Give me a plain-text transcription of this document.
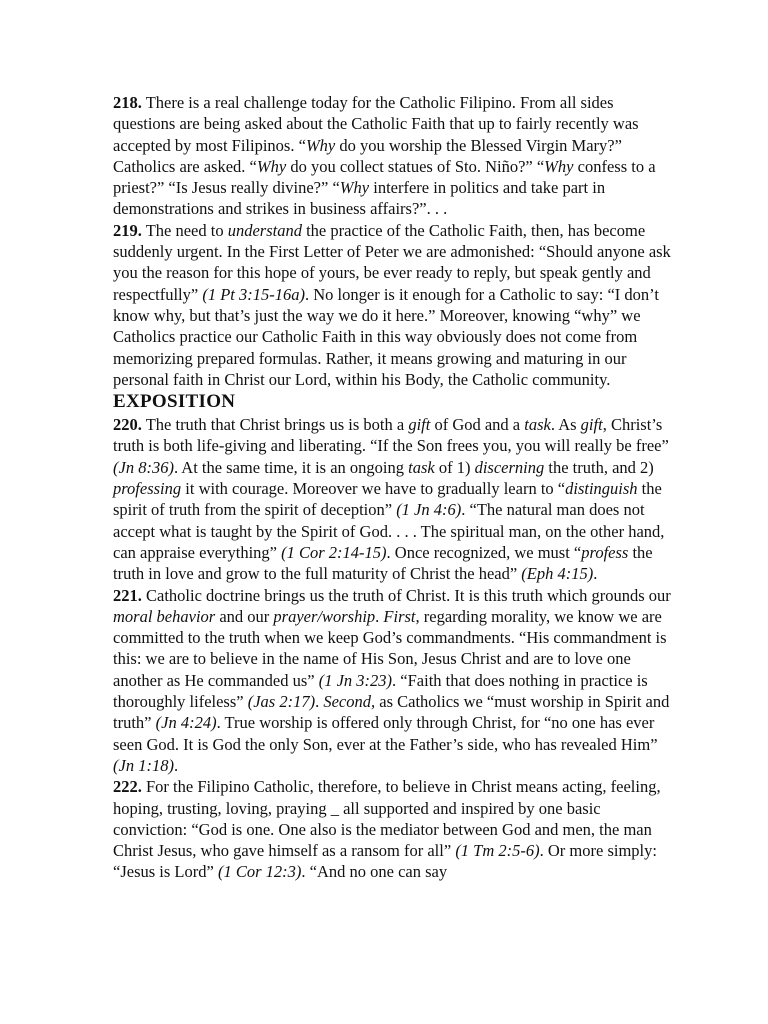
218. There is a real challenge today for the Catholic Filipino. From all sides questions are being asked about the Catholic Faith that up to fairly recently was accepted by most Filipinos. “Why do you worship the Blessed Virgin Mary?” Catholics are asked. “Why do you collect statues of Sto. Niño?” “Why confess to a priest?” “Is Jesus really divine?” “Why interfere in politics and take part in demonstrations and strikes in business affairs?”. . .

219. The need to understand the practice of the Catholic Faith, then, has become suddenly urgent. In the First Letter of Peter we are admonished: “Should anyone ask you the reason for this hope of yours, be ever ready to reply, but speak gently and respectfully” (1 Pt 3:15-16a). No longer is it enough for a Catholic to say: “I don’t know why, but that’s just the way we do it here.” Moreover, knowing “why” we Catholics practice our Catholic Faith in this way obviously does not come from memorizing prepared formulas. Rather, it means growing and maturing in our personal faith in Christ our Lord, within his Body, the Catholic community.

EXPOSITION

220. The truth that Christ brings us is both a gift of God and a task. As gift, Christ’s truth is both life-giving and liberating. “If the Son frees you, you will really be free” (Jn 8:36). At the same time, it is an ongoing task of 1) discerning the truth, and 2) professing it with courage. Moreover we have to gradually learn to “distinguish the spirit of truth from the spirit of deception” (1 Jn 4:6). “The natural man does not accept what is taught by the Spirit of God. . . . The spiritual man, on the other hand, can appraise everything” (1 Cor 2:14-15). Once recognized, we must “profess the truth in love and grow to the full maturity of Christ the head” (Eph 4:15).

221. Catholic doctrine brings us the truth of Christ. It is this truth which grounds our moral behavior and our prayer/worship. First, regarding morality, we know we are committed to the truth when we keep God’s commandments. “His commandment is this: we are to believe in the name of His Son, Jesus Christ and are to love one another as He commanded us” (1 Jn 3:23). “Faith that does nothing in practice is thoroughly lifeless” (Jas 2:17). Second, as Catholics we “must worship in Spirit and truth” (Jn 4:24). True worship is offered only through Christ, for “no one has ever seen God. It is God the only Son, ever at the Father’s side, who has revealed Him” (Jn 1:18).

222. For the Filipino Catholic, therefore, to believe in Christ means acting, feeling, hoping, trusting, loving, praying _ all supported and inspired by one basic conviction: “God is one. One also is the mediator between God and men, the man Christ Jesus, who gave himself as a ransom for all” (1 Tm 2:5-6). Or more simply: “Jesus is Lord” (1 Cor 12:3). “And no one can say
